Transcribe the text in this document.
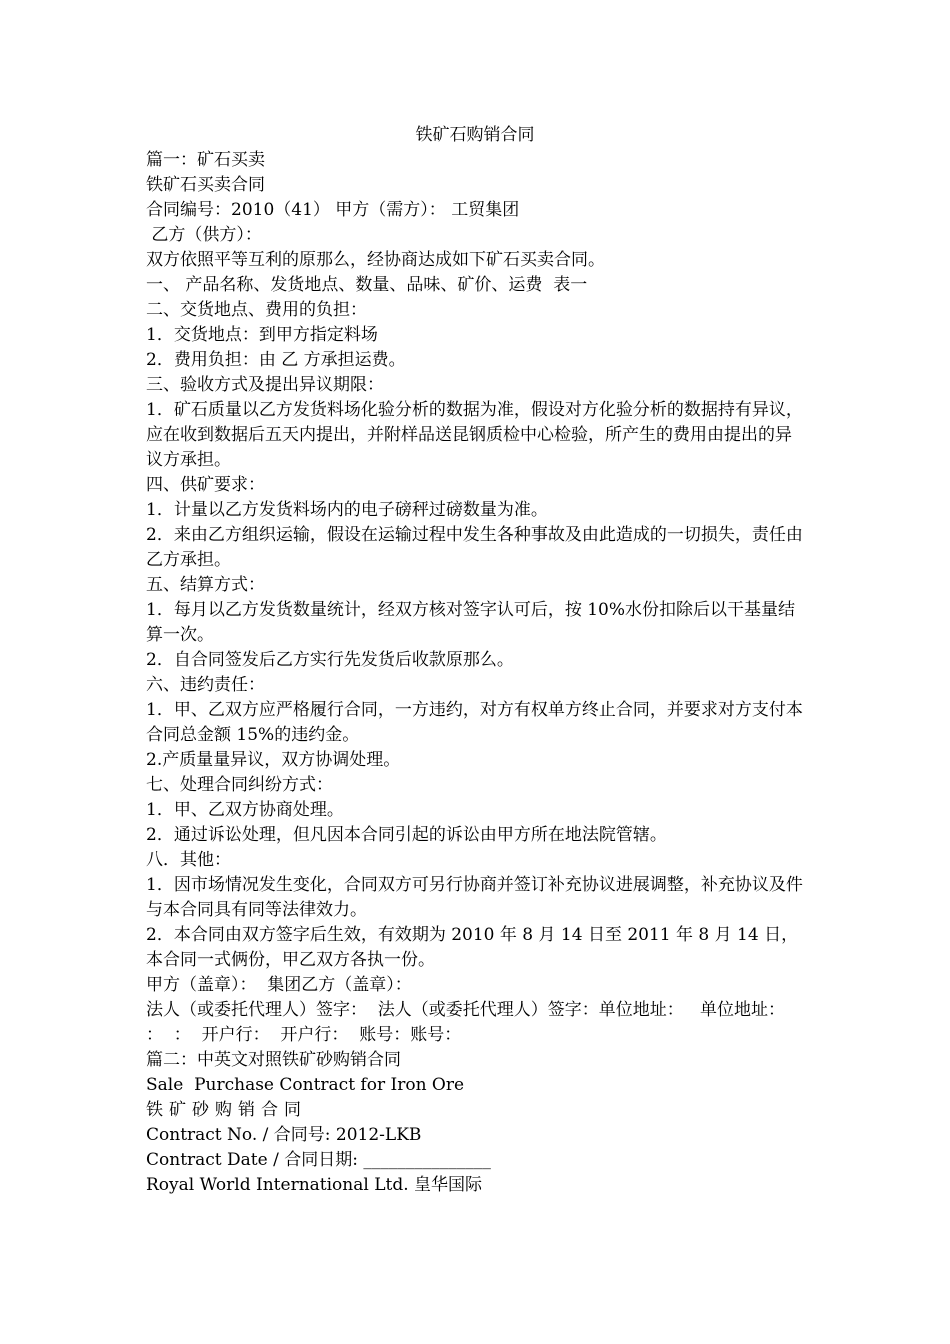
铁矿石购销合同

篇一：矿石买卖

铁矿石买卖合同

合同编号：2010（41） 甲方（需方）： 工贸集团

乙方（供方）：

双方依照平等互利的原那么，经协商达成如下矿石买卖合同。

一、 产品名称、发货地点、数量、品味、矿价、运费  表一

二、交货地点、费用的负担：

1．交货地点：到甲方指定料场

2．费用负担：由 乙 方承担运费。

三、验收方式及提出异议期限：

1．矿石质量以乙方发货料场化验分析的数据为准，假设对方化验分析的数据持有异议，应在收到数据后五天内提出，并附样品送昆钢质检中心检验，所产生的费用由提出的异议方承担。

四、供矿要求：

1．计量以乙方发货料场内的电子磅秤过磅数量为准。

2．来由乙方组织运输，假设在运输过程中发生各种事故及由此造成的一切损失，责任由乙方承担。

五、结算方式：

1．每月以乙方发货数量统计，经双方核对签字认可后，按 10%水份扣除后以干基量结算一次。

2．自合同签发后乙方实行先发货后收款原那么。

六、违约责任：

1．甲、乙双方应严格履行合同，一方违约，对方有权单方终止合同，并要求对方支付本合同总金额 15%的违约金。

2.产质量量异议，双方协调处理。

七、处理合同纠纷方式：

1．甲、乙双方协商处理。

2．通过诉讼处理，但凡因本合同引起的诉讼由甲方所在地法院管辖。

八．其他：

1．因市场情况发生变化，合同双方可另行协商并签订补充协议进展调整，补充协议及件与本合同具有同等法律效力。

2．本合同由双方签字后生效，有效期为 2010 年 8 月 14 日至 2011 年 8 月 14 日，本合同一式俩份，甲乙双方各执一份。

甲方（盖章）：  集团乙方（盖章）：

法人（或委托代理人）签字：  法人（或委托代理人）签字：单位地址：   单位地址：

：  ：  开户行：  开户行：  账号：账号：

篇二：中英文对照铁矿砂购销合同

Sale  Purchase Contract for Iron Ore

铁矿砂购销合同

Contract No. / 合同号: 2012-LKB

Contract Date / 合同日期: _______________

Royal World International Ltd. 皇华国际
